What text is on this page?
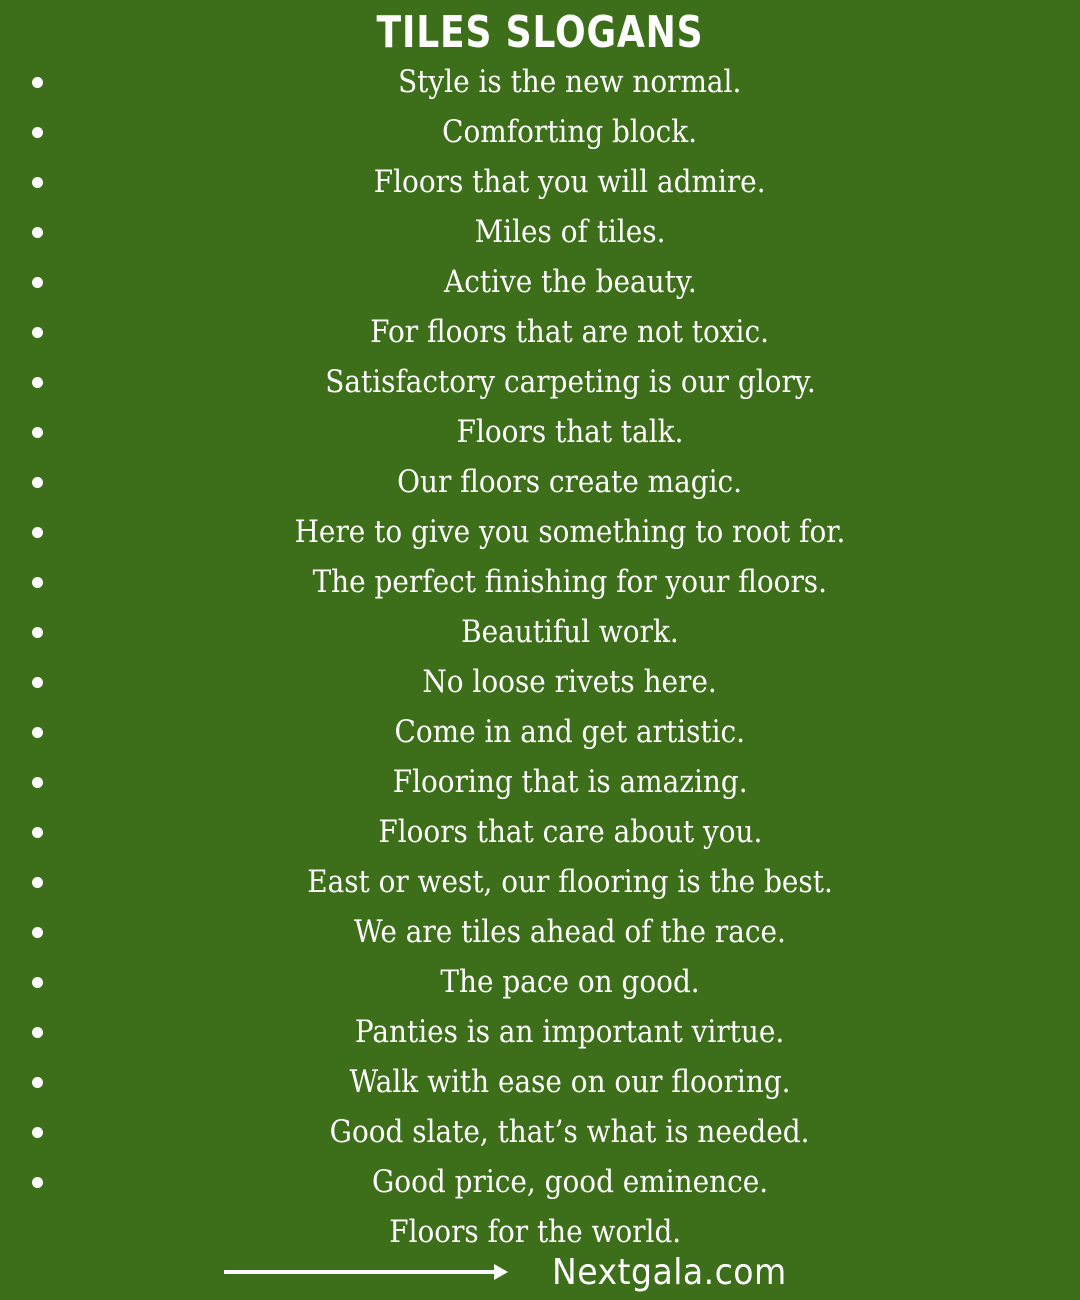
TILES SLOGANS
Style is the new normal.
Comforting block.
Floors that you will admire.
Miles of tiles.
Active the beauty.
For floors that are not toxic.
Satisfactory carpeting is our glory.
Floors that talk.
Our floors create magic.
Here to give you something to root for.
The perfect finishing for your floors.
Beautiful work.
No loose rivets here.
Come in and get artistic.
Flooring that is amazing.
Floors that care about you.
East or west, our flooring is the best.
We are tiles ahead of the race.
The pace on good.
Panties is an important virtue.
Walk with ease on our flooring.
Good slate, that’s what is needed.
Good price, good eminence.

Floors for the world.

Nextgala.com
